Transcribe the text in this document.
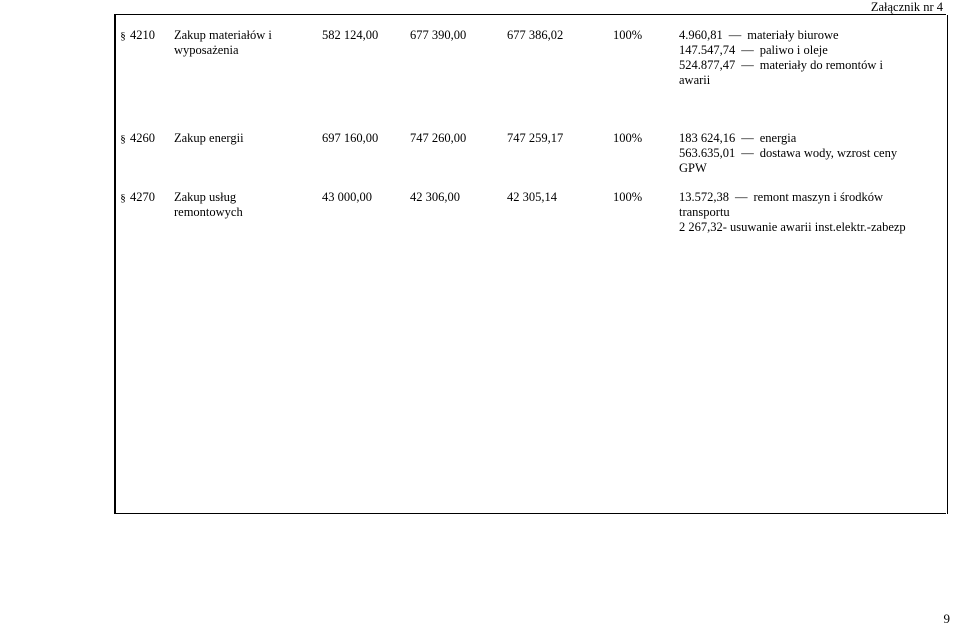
Załącznik nr 4
§ 4210	Zakup materiałów i
wyposażenia
582 124,00	677 390,00	677 386,02	100%	4.960,81 — materiały biurowe
147.547,74 — paliwo i oleje
524.877,47 — materiały do remontów i
awarii
§ 4260	Zakup energii	697 160,00	747 260,00	747 259,17	100%	183 624,16 — energia
563.635,01 — dostawa wody, wzrost ceny
GPW
§ 4270	Zakup usług
remontowych
43 000,00	42 306,00	42 305,14	100%	13.572,38 — remont maszyn i środków
transportu
2 267,32- usuwanie awarii inst.elektr.-zabezp
9
